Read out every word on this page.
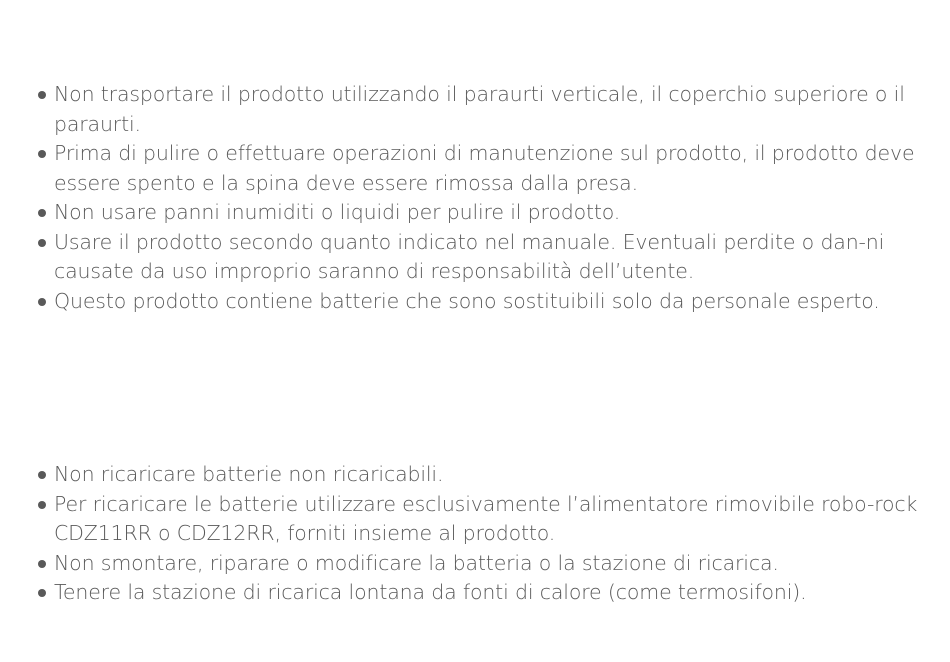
Non trasportare il prodotto utilizzando il paraurti verticale, il coperchio superiore o il paraurti.
Prima di pulire o effettuare operazioni di manutenzione sul prodotto, il prodotto deve essere spento e la spina deve essere rimossa dalla presa.
Non usare panni inumiditi o liquidi per pulire il prodotto.
Usare il prodotto secondo quanto indicato nel manuale. Eventuali perdite o dan-ni causate da uso improprio saranno di responsabilità dell’utente.
Questo prodotto contiene batterie che sono sostituibili solo da personale esperto.
Non ricaricare batterie non ricaricabili.
Per ricaricare le batterie utilizzare esclusivamente l’alimentatore rimovibile robo-rock CDZ11RR o CDZ12RR, forniti insieme al prodotto.
Non smontare, riparare o modificare la batteria o la stazione di ricarica.
Tenere la stazione di ricarica lontana da fonti di calore (come termosifoni).
